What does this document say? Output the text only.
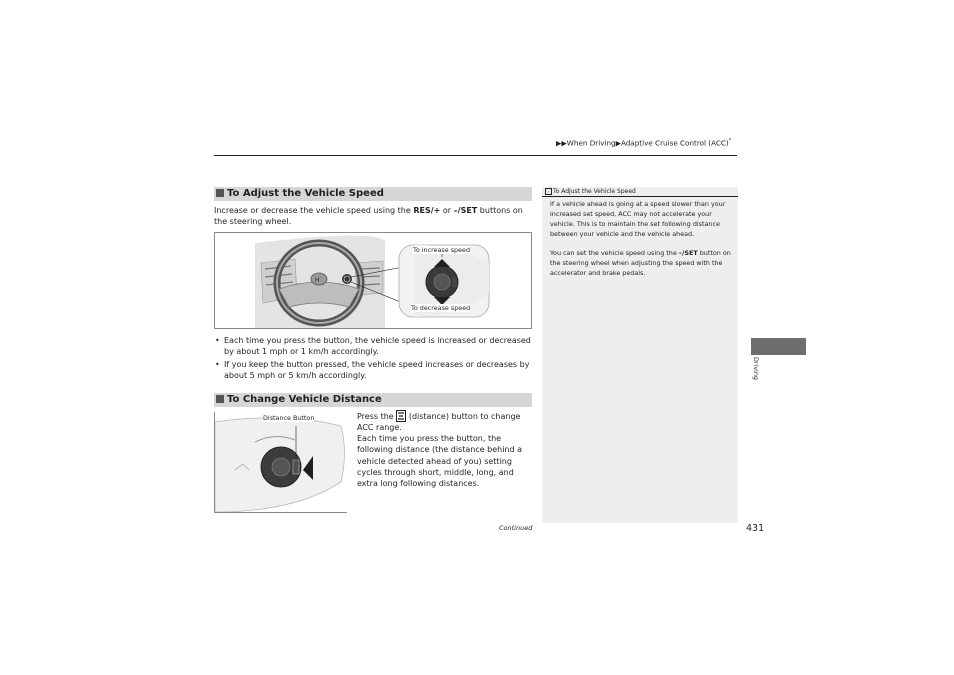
▶▶When Driving▶Adaptive Cruise Control (ACC)*
To Adjust the Vehicle Speed
Increase or decrease the vehicle speed using the RES/+ or –/SET buttons on the steering wheel.
H
To increase speed
To decrease speed
• Each time you press the button, the vehicle speed is increased or decreased by about 1 mph or 1 km/h accordingly.
• If you keep the button pressed, the vehicle speed increases or decreases by about 5 mph or 5 km/h accordingly.
To Change Vehicle Distance
Distance Button	Press the
(distance) button to change ACC range.
Each time you press the button, the following distance (the distance behind a vehicle detected ahead of you) setting cycles through short, middle, long, and extra long following distances.
› To Adjust the Vehicle Speed
If a vehicle ahead is going at a speed slower than your increased set speed, ACC may not accelerate your vehicle. This is to maintain the set following distance between your vehicle and the vehicle ahead.
You can set the vehicle speed using the –/SET button on the steering wheel when adjusting the speed with the accelerator and brake pedals.
Driving
Continued	431
